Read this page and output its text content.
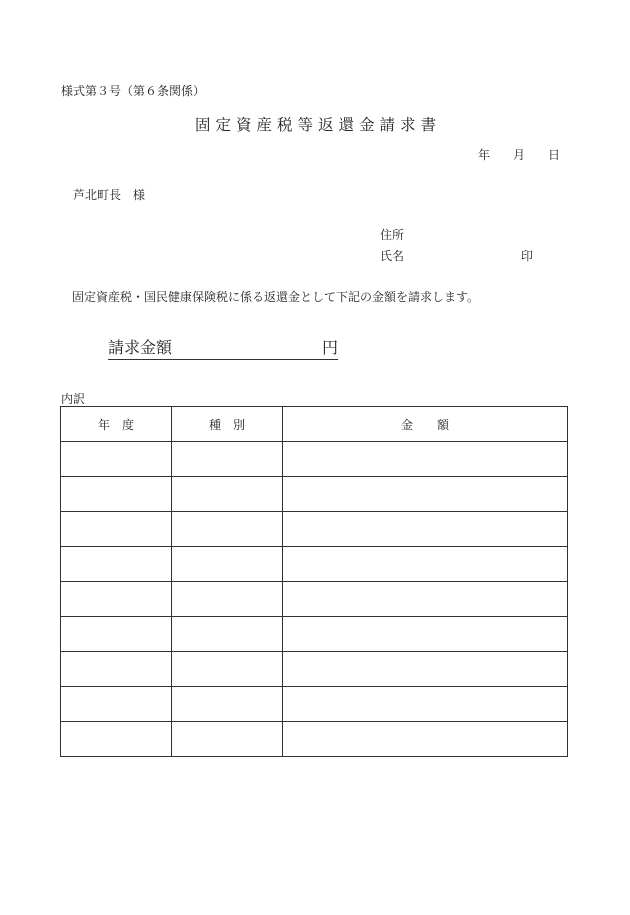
様式第３号（第６条関係）
固定資産税等返還金請求書
年 月 日
芦北町長　様
住所
氏名	印
固定資産税・国民健康保険税に係る返還金として下記の金額を請求します。
請求金額	円
内訳
年　度	種　別	金　　額
